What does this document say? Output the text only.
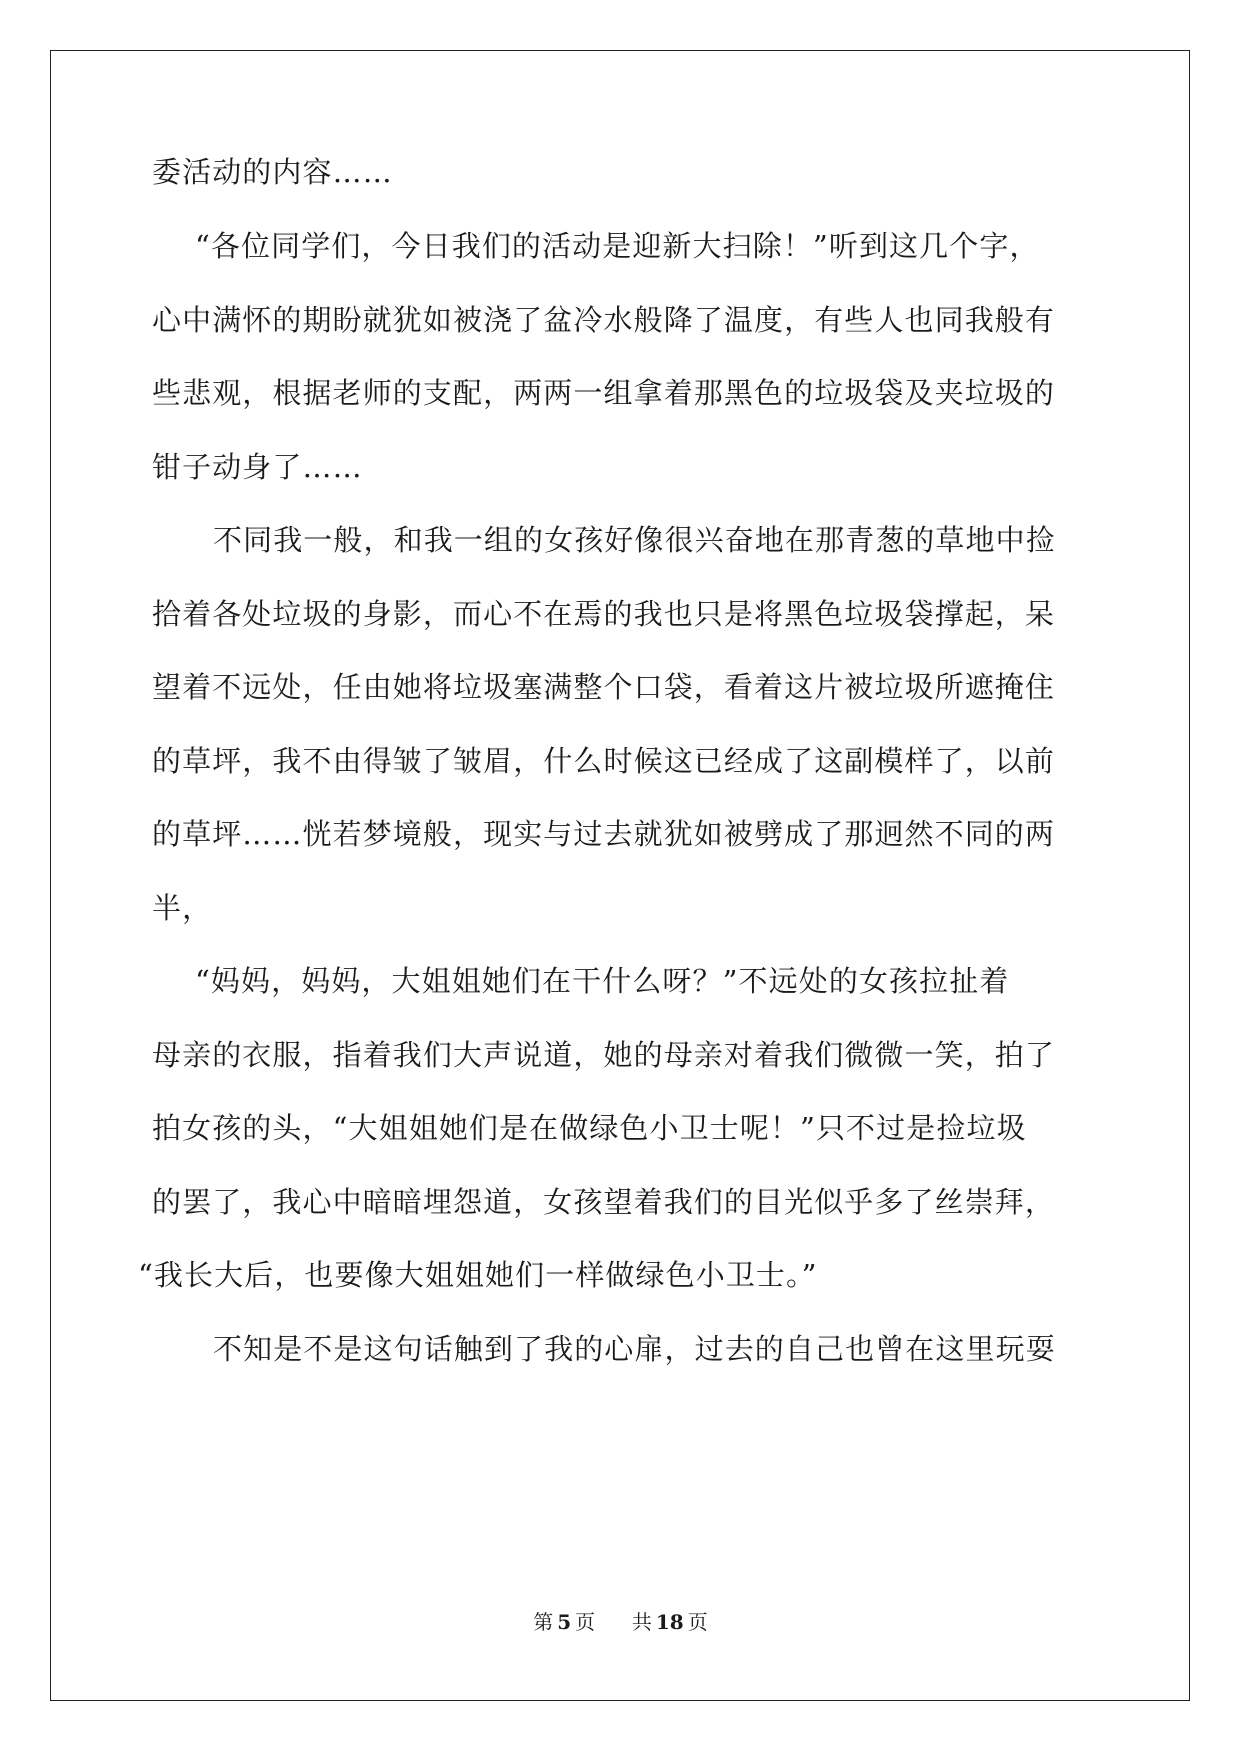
委活动的内容……
“各位同学们，今日我们的活动是迎新大扫除！”听到这几个字，
心中满怀的期盼就犹如被浇了盆冷水般降了温度，有些人也同我般有
些悲观，根据老师的支配，两两一组拿着那黑色的垃圾袋及夹垃圾的
钳子动身了……
不同我一般，和我一组的女孩好像很兴奋地在那青葱的草地中捡
拾着各处垃圾的身影，而心不在焉的我也只是将黑色垃圾袋撑起，呆
望着不远处，任由她将垃圾塞满整个口袋，看着这片被垃圾所遮掩住
的草坪，我不由得皱了皱眉，什么时候这已经成了这副模样了，以前
的草坪……恍若梦境般，现实与过去就犹如被劈成了那迥然不同的两
半，
“妈妈，妈妈，大姐姐她们在干什么呀？”不远处的女孩拉扯着
母亲的衣服，指着我们大声说道，她的母亲对着我们微微一笑，拍了
拍女孩的头，“大姐姐她们是在做绿色小卫士呢！”只不过是捡垃圾
的罢了，我心中暗暗埋怨道，女孩望着我们的目光似乎多了丝崇拜，
“我长大后，也要像大姐姐她们一样做绿色小卫士。”
不知是不是这句话触到了我的心扉，过去的自己也曾在这里玩耍
第 5 页 共 18 页
